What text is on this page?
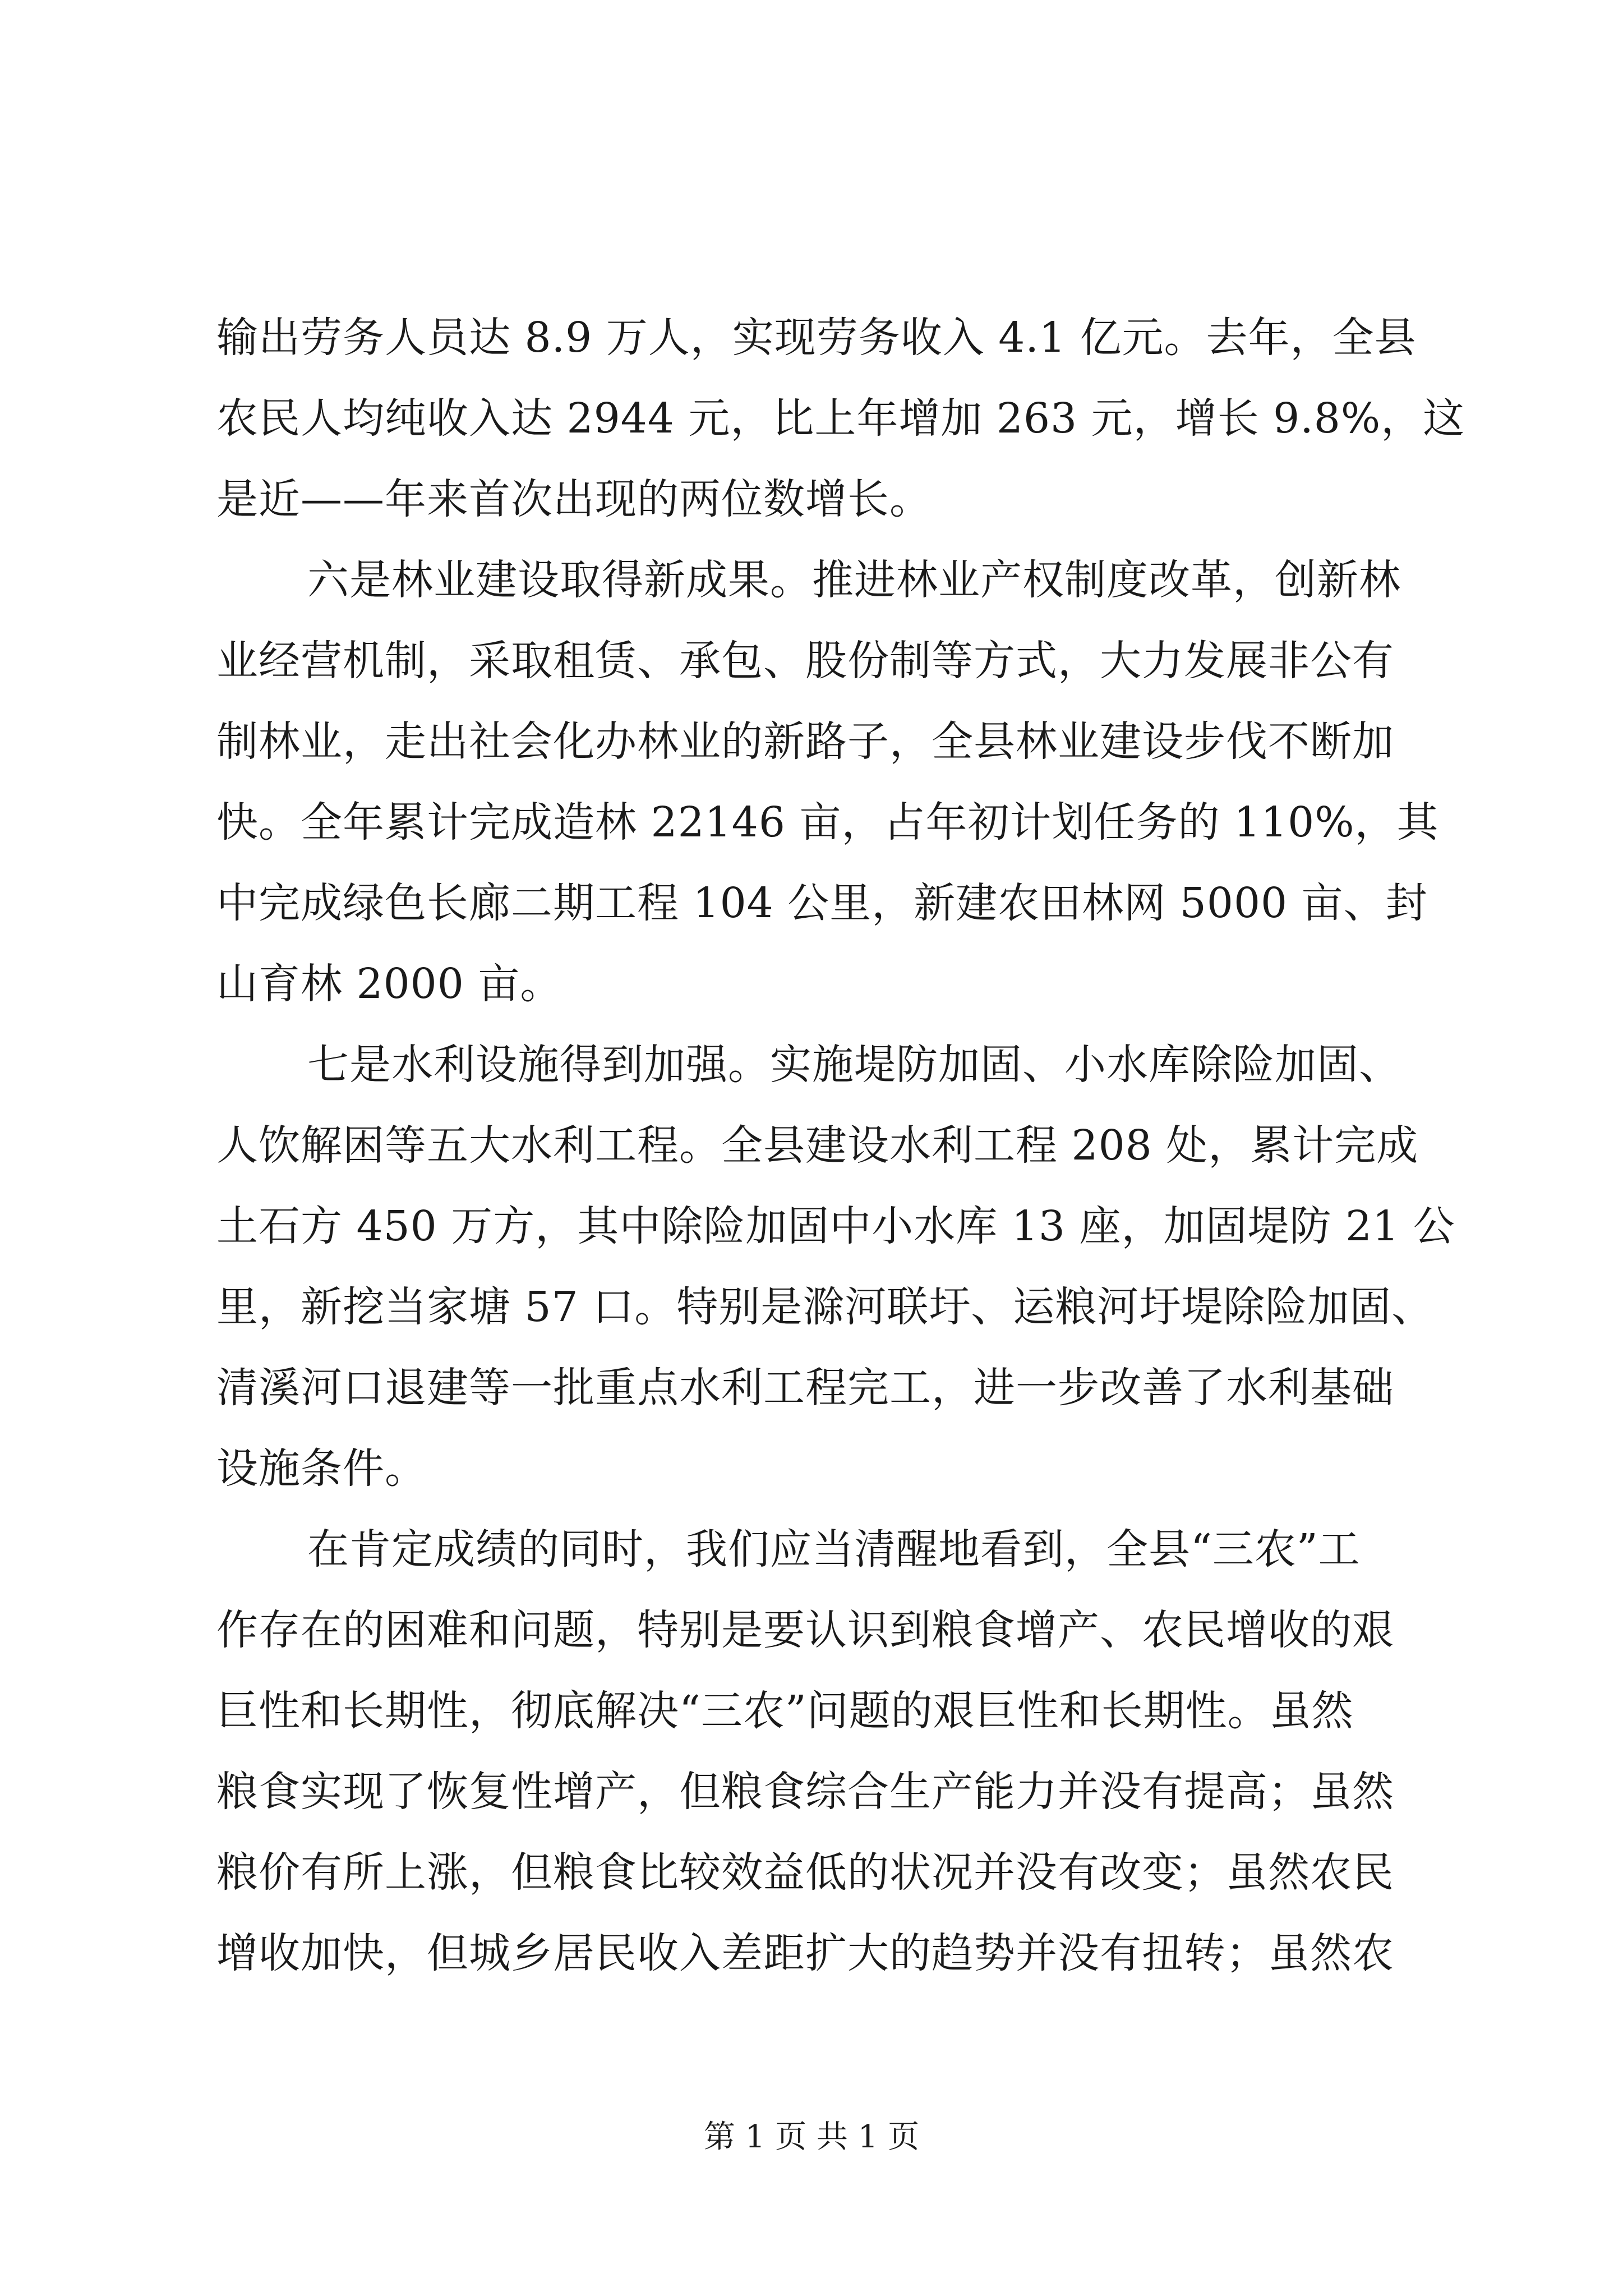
输出劳务人员达 8.9 万人，实现劳务收入 4.1 亿元。去年，全县
农民人均纯收入达 2944 元，比上年增加 263 元，增长 9.8%，这
是近——年来首次出现的两位数增长。
六是林业建设取得新成果。推进林业产权制度改革，创新林
业经营机制，采取租赁、承包、股份制等方式，大力发展非公有
制林业，走出社会化办林业的新路子，全县林业建设步伐不断加
快。全年累计完成造林 22146 亩，占年初计划任务的 110%，其
中完成绿色长廊二期工程 104 公里，新建农田林网 5000 亩、封
山育林 2000 亩。
七是水利设施得到加强。实施堤防加固、小水库除险加固、
人饮解困等五大水利工程。全县建设水利工程 208 处，累计完成
土石方 450 万方，其中除险加固中小水库 13 座，加固堤防 21 公
里，新挖当家塘 57 口。特别是滁河联圩、运粮河圩堤除险加固、
清溪河口退建等一批重点水利工程完工，进一步改善了水利基础
设施条件。
在肯定成绩的同时，我们应当清醒地看到，全县“三农”工
作存在的困难和问题，特别是要认识到粮食增产、农民增收的艰
巨性和长期性，彻底解决“三农”问题的艰巨性和长期性。虽然
粮食实现了恢复性增产，但粮食综合生产能力并没有提高；虽然
粮价有所上涨，但粮食比较效益低的状况并没有改变；虽然农民
增收加快，但城乡居民收入差距扩大的趋势并没有扭转；虽然农
第 1 页 共 1 页
